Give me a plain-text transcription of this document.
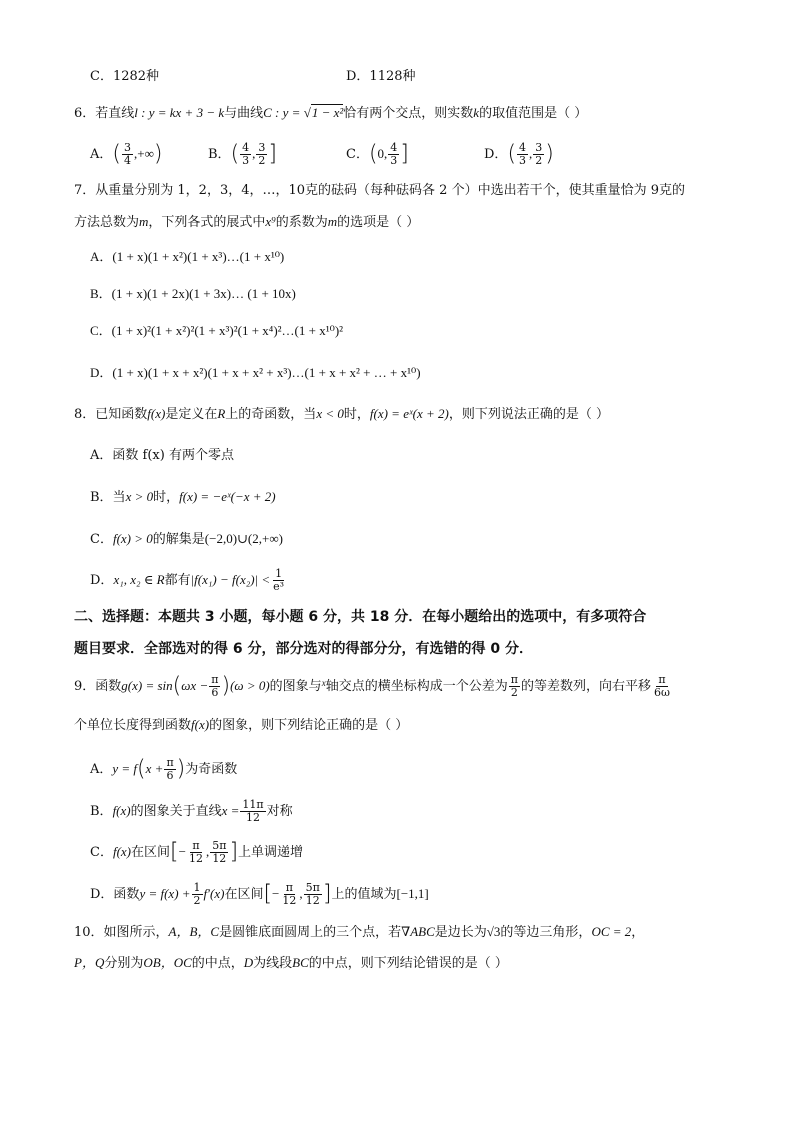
C．1282种	D．1128种
6．若直线l : y = kx + 3 − k与曲线C : y = √1 − x²恰有两个交点，则实数k的取值范围是（ ）
A．( $\frac{3}{4}$ ,+∞)	B．( $\frac{4}{3}$ , $\frac{3}{2}$ ]	C．(0, $\frac{4}{3}$ ]	D．( $\frac{4}{3}$ , $\frac{3}{2}$ )
7．从重量分别为 1，2，3，4，…，10克的砝码（每种砝码各 2 个）中选出若干个，使其重量恰为 9克的
方法总数为m，下列各式的展式中x⁹的系数为m的选项是（ ）
A．(1 + x)(1 + x²)(1 + x³)…(1 + x¹⁰)
B．(1 + x)(1 + 2x)(1 + 3x)… (1 + 10x)
C．(1 + x)²(1 + x²)²(1 + x³)²(1 + x⁴)²…(1 + x¹⁰)²
D．(1 + x)(1 + x + x²)(1 + x + x² + x³)…(1 + x + x² + … + x¹⁰)
8．已知函数f(x)是定义在R上的奇函数，当x < 0时，f(x) = eˣ(x + 2)，则下列说法正确的是（ ）
A．函数 f(x) 有两个零点
B．当x > 0时，f(x) = −eˣ(−x + 2)
C．f(x) > 0的解集是(−2,0)∪(2,+∞)
D．x₁, x₂ ∈ R都有$|f(x_1) - f(x_2)| < \frac{1}{\text{e³}}$
二、选择题：本题共 3 小题，每小题 6 分，共 18 分．在每小题给出的选项中，有多项符合
题目要求．全部选对的得 6 分，部分选对的得部分分，有选错的得 0 分．
9．函数$g(x) = \sin(\omega x - \frac{\pi}{6} )(\omega > 0)$的图象与$^x$轴交点的横坐标构成一个公差为 $\frac{\pi}{2}$ 的等差数列，向右平移 $\frac{\pi}{6\omega}$
个单位长度得到函数f(x)的图象，则下列结论正确的是（ ）
A．$y = f(x + \frac{\pi}{6}$ )为奇函数
B．f(x)的图象关于直线$x = \frac{11\pi}{12}$ 对称
C．f(x)在区间[− $\frac{\pi}{12}$ , $\frac{5\pi}{12}$ ]上单调递增
D．函数$y = f(x) + \frac{1}{2} f'(x)$在区间[− $\frac{\pi}{12}$ , $\frac{5\pi}{12}$ ]上的值域为[−1,1]
10．如图所示，A，B，C是圆锥底面圆周上的三个点，若∇ABC是边长为√3的等边三角形，OC = 2，
P，Q分别为OB，OC的中点，D为线段BC的中点，则下列结论错误的是（ ）
